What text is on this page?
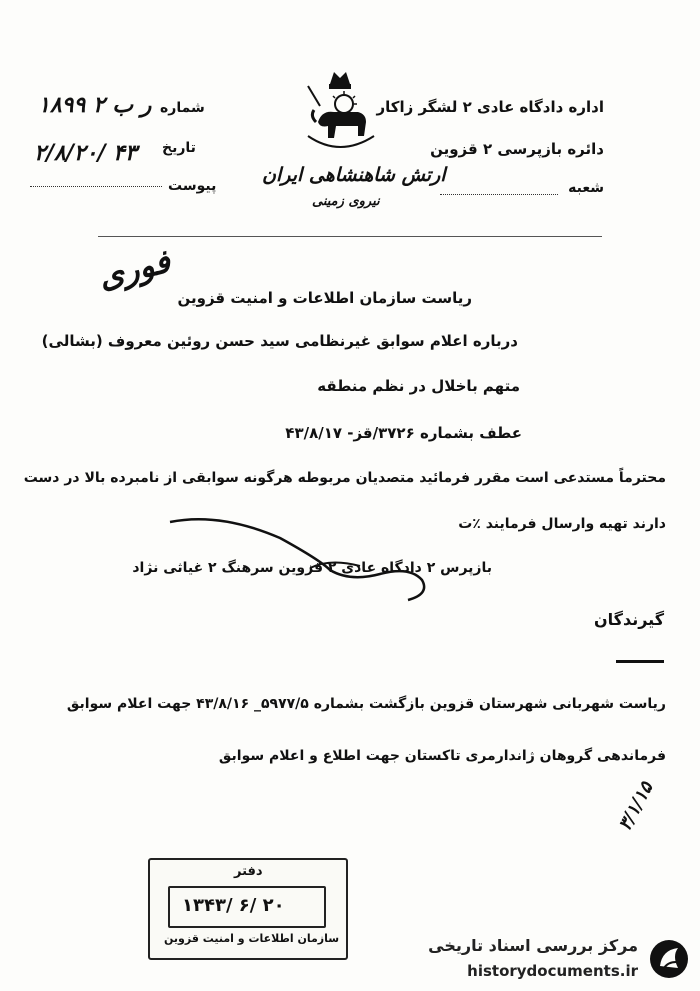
۱۸۹۹ ر ب ۲ شماره
۲/۸/۲۰/ ۴۳ تاریخ
پیوست ارتش شاهنشاهی ایران
نیروی زمینی
اداره دادگاه عادی ۲ لشگر زاکار
دائره بازپرسی ۲ قزوین
شعبه
فوری
ریاست سازمان اطلاعات و امنیت قزوین
درباره اعلام سوابق غیرنظامی سید حسن روئین معروف (بشالی)
متهم باخلال در نظم منطقه
عطف بشماره ۳۷۲۶/قز- ۴۳/۸/۱۷
محترماً مستدعی است مقرر فرمائید متصدیان مربوطه هرگونه سوابقی از نامبرده بالا در دست
دارند تهیه وارسال فرمایند ٪ت
بازپرس ۲ دادگاه عادی ۲ قزوین سرهنگ ۲ غیاثی نژاد
گیرندگان
ریاست شهربانی شهرستان قزوین بازگشت بشماره ۵۹۷۷/۵_ ۴۳/۸/۱۶ جهت اعلام سوابق
فرماندهی گروهان ژاندارمری تاکستان جهت اطلاع و اعلام سوابق
۳/۱/۱۵
دفتر
۱۳۴۳/ ۶/ ۲۰
سازمان اطلاعات و امنیت قزوین	مرکز بررسی اسناد تاریخی
historydocuments.ir
